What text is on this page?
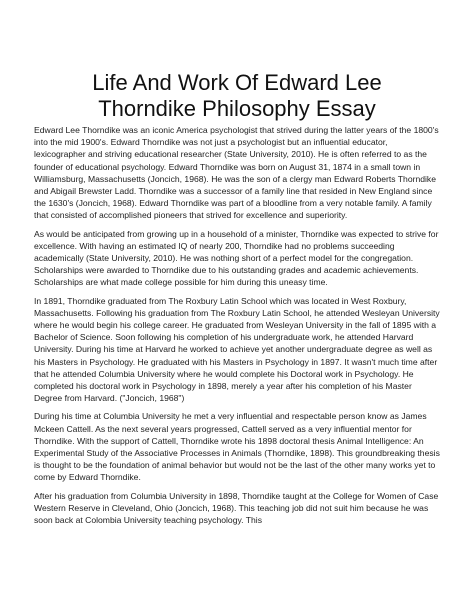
Life And Work Of Edward Lee
Thorndike Philosophy Essay

Edward Lee Thorndike was an iconic America psychologist that strived during the latter years of the 1800's into the mid 1900's. Edward Thorndike was not just a psychologist but an influential educator, lexicographer and striving educational researcher (State University, 2010). He is often referred to as the founder of educational psychology. Edward Thorndike was born on August 31, 1874 in a small town in Williamsburg, Massachusetts (Joncich, 1968). He was the son of a clergy man Edward Roberts Thorndike and Abigail Brewster Ladd. Thorndike was a successor of a family line that resided in New England since the 1630's (Joncich, 1968). Edward Thorndike was part of a bloodline from a very notable family. A family that consisted of accomplished pioneers that strived for excellence and superiority.

As would be anticipated from growing up in a household of a minister, Thorndike was expected to strive for excellence. With having an estimated IQ of nearly 200, Thorndike had no problems succeeding academically (State University, 2010). He was nothing short of a perfect model for the congregation. Scholarships were awarded to Thorndike due to his outstanding grades and academic achievements. Scholarships are what made college possible for him during this uneasy time.

In 1891, Thorndike graduated from The Roxbury Latin School which was located in West Roxbury, Massachusetts. Following his graduation from The Roxbury Latin School, he attended Wesleyan University where he would begin his college career. He graduated from Wesleyan University in the fall of 1895 with a Bachelor of Science. Soon following his completion of his undergraduate work, he attended Harvard University. During his time at Harvard he worked to achieve yet another undergraduate degree as well as his Masters in Psychology. He graduated with his Masters in Psychology in 1897. It wasn't much time after that he attended Columbia University where he would complete his Doctoral work in Psychology. He completed his doctoral work in Psychology in 1898, merely a year after his completion of his Master Degree from Harvard. ("Joncich, 1968")

During his time at Columbia University he met a very influential and respectable person know as James Mckeen Cattell. As the next several years progressed, Cattell served as a very influential mentor for Thorndike. With the support of Cattell, Thorndike wrote his 1898 doctoral thesis Animal Intelligence: An Experimental Study of the Associative Processes in Animals (Thorndike, 1898). This groundbreaking thesis is thought to be the foundation of animal behavior but would not be the last of the other many works yet to come by Edward Thorndike.

After his graduation from Columbia University in 1898, Thorndike taught at the College for Women of Case Western Reserve in Cleveland, Ohio (Joncich, 1968). This teaching job did not suit him because he was soon back at Colombia University teaching psychology. This
